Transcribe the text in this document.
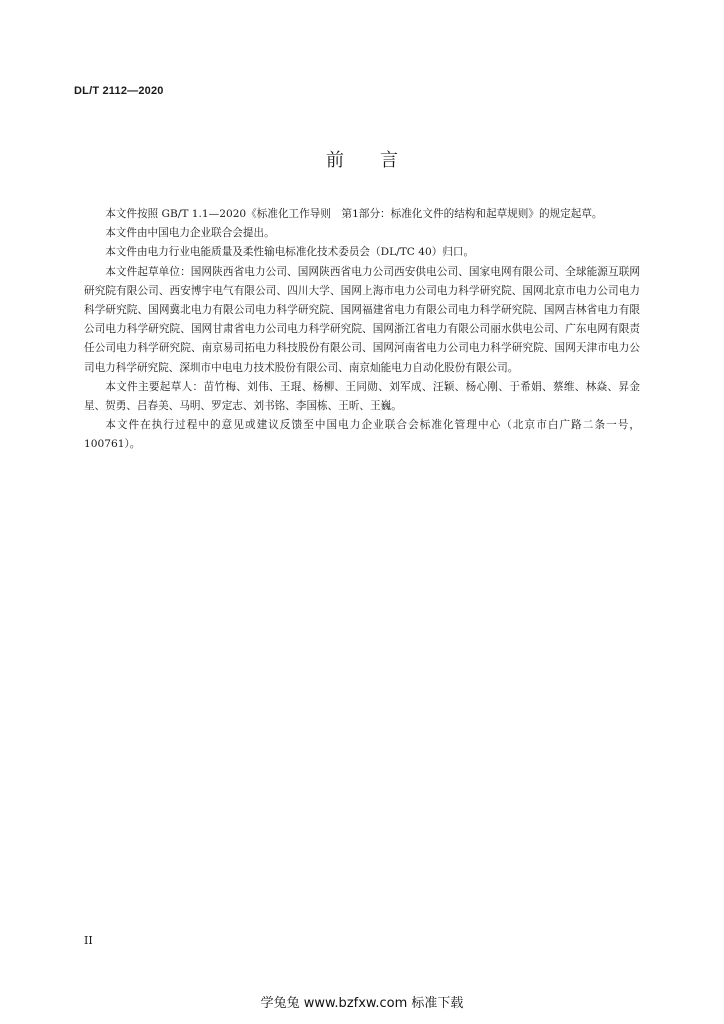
DL/T 2112—2020
前言

本文件按照 GB/T 1.1—2020《标准化工作导则　第1部分：标准化文件的结构和起草规则》的规定起草。

本文件由中国电力企业联合会提出。

本文件由电力行业电能质量及柔性输电标准化技术委员会（DL/TC 40）归口。

本文件起草单位：国网陕西省电力公司、国网陕西省电力公司西安供电公司、国家电网有限公司、全球能源互联网研究院有限公司、西安博宇电气有限公司、四川大学、国网上海市电力公司电力科学研究院、国网北京市电力公司电力科学研究院、国网冀北电力有限公司电力科学研究院、国网福建省电力有限公司电力科学研究院、国网吉林省电力有限公司电力科学研究院、国网甘肃省电力公司电力科学研究院、国网浙江省电力有限公司丽水供电公司、广东电网有限责任公司电力科学研究院、南京易司拓电力科技股份有限公司、国网河南省电力公司电力科学研究院、国网天津市电力公司电力科学研究院、深圳市中电电力技术股份有限公司、南京灿能电力自动化股份有限公司。

本文件主要起草人：苗竹梅、刘伟、王琨、杨柳、王同勋、刘军成、汪颖、杨心刚、于希娟、蔡维、林焱、昇金星、贺勇、吕春美、马明、罗定志、刘书铭、李国栋、王昕、王巍。

本文件在执行过程中的意见或建议反馈至中国电力企业联合会标准化管理中心（北京市白广路二条一号，100761）。

II
学兔兔 www.bzfxw.com 标准下载
